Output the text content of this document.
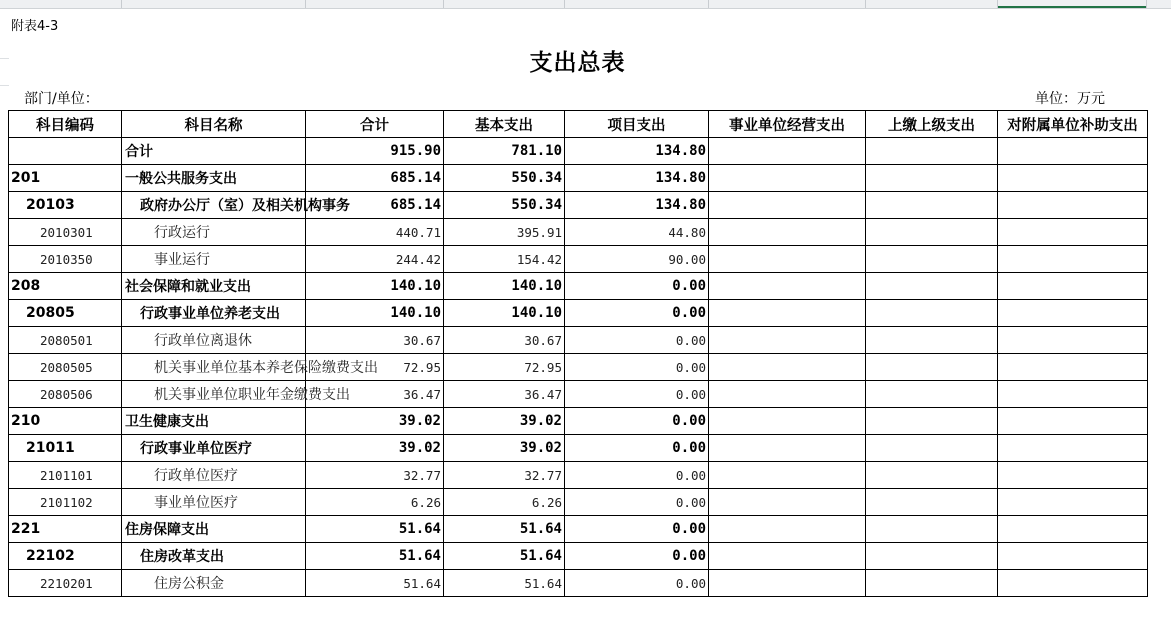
附表4-3
支出总表
部门/单位：	单位：万元
科目编码	科目名称	合计	基本支出	项目支出	事业单位经营支出	上缴上级支出	对附属单位补助支出
	合计	915.90	781.10	134.80			
201	一般公共服务支出	685.14	550.34	134.80			
20103	政府办公厅（室）及相关机构事务	685.14	550.34	134.80			
2010301	行政运行	440.71	395.91	44.80			
2010350	事业运行	244.42	154.42	90.00			
208	社会保障和就业支出	140.10	140.10	0.00			
20805	行政事业单位养老支出	140.10	140.10	0.00			
2080501	行政单位离退休	30.67	30.67	0.00			
2080505	机关事业单位基本养老保险缴费支出	72.95	72.95	0.00			
2080506	机关事业单位职业年金缴费支出	36.47	36.47	0.00			
210	卫生健康支出	39.02	39.02	0.00			
21011	行政事业单位医疗	39.02	39.02	0.00			
2101101	行政单位医疗	32.77	32.77	0.00			
2101102	事业单位医疗	6.26	6.26	0.00			
221	住房保障支出	51.64	51.64	0.00			
22102	住房改革支出	51.64	51.64	0.00			
2210201	住房公积金	51.64	51.64	0.00			
